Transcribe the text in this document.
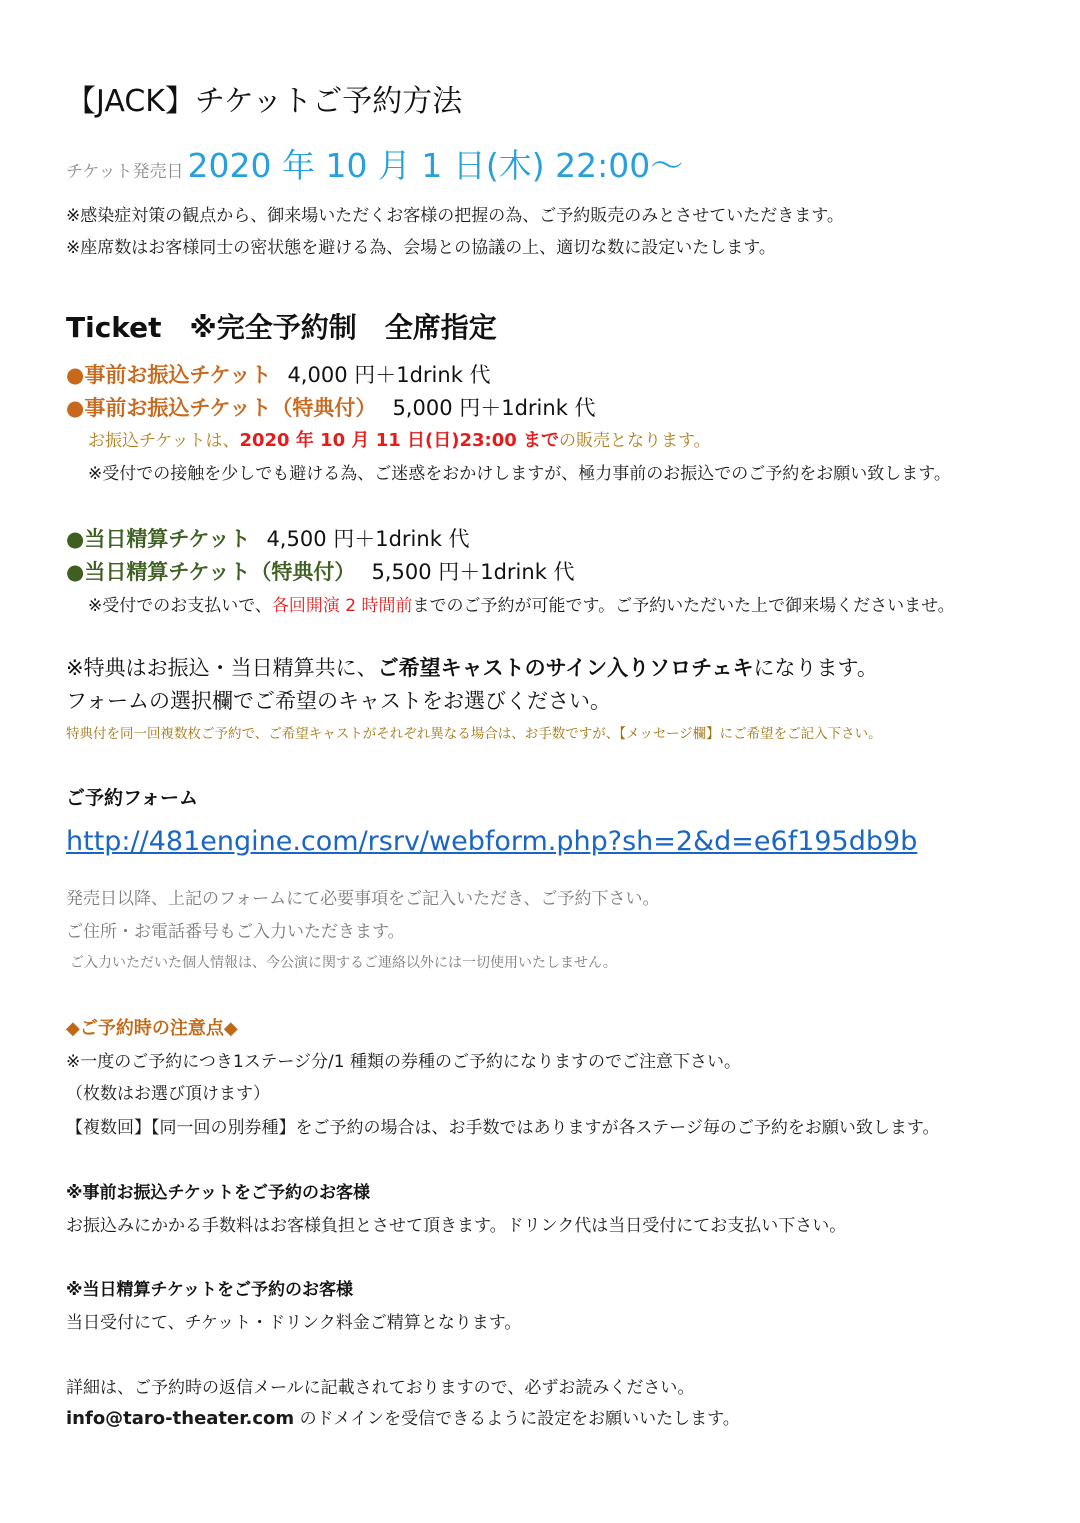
【JACK】チケットご予約方法
チケット発売日 2020 年 10 月 1 日(木) 22:00〜
※感染症対策の観点から、御来場いただくお客様の把握の為、ご予約販売のみとさせていただきます。
※座席数はお客様同士の密状態を避ける為、会場との協議の上、適切な数に設定いたします。
Ticket　※完全予約制　全席指定
●事前お振込チケット 4,000 円＋1drink 代
●事前お振込チケット（特典付） 5,000 円＋1drink 代
お振込チケットは、2020 年 10 月 11 日(日)23:00 までの販売となります。
※受付での接触を少しでも避ける為、ご迷惑をおかけしますが、極力事前のお振込でのご予約をお願い致します。
●当日精算チケット 4,500 円＋1drink 代
●当日精算チケット（特典付） 5,500 円＋1drink 代
※受付でのお支払いで、各回開演 2 時間前までのご予約が可能です。ご予約いただいた上で御来場くださいませ。
※特典はお振込・当日精算共に、ご希望キャストのサイン入りソロチェキになります。
フォームの選択欄でご希望のキャストをお選びください。
特典付を同一回複数枚ご予約で、ご希望キャストがそれぞれ異なる場合は、お手数ですが、【メッセージ欄】にご希望をご記入下さい。
ご予約フォーム
http://481engine.com/rsrv/webform.php?sh=2&d=e6f195db9b
発売日以降、上記のフォームにて必要事項をご記入いただき、ご予約下さい。
ご住所・お電話番号もご入力いただきます。
ご入力いただいた個人情報は、今公演に関するご連絡以外には一切使用いたしません。
◆ご予約時の注意点◆
※一度のご予約につき1ステージ分/1 種類の券種のご予約になりますのでご注意下さい。
（枚数はお選び頂けます）
【複数回】【同一回の別券種】をご予約の場合は、お手数ではありますが各ステージ毎のご予約をお願い致します。
※事前お振込チケットをご予約のお客様
お振込みにかかる手数料はお客様負担とさせて頂きます。ドリンク代は当日受付にてお支払い下さい。
※当日精算チケットをご予約のお客様
当日受付にて、チケット・ドリンク料金ご精算となります。
詳細は、ご予約時の返信メールに記載されておりますので、必ずお読みください。
info@taro-theater.com のドメインを受信できるように設定をお願いいたします。
